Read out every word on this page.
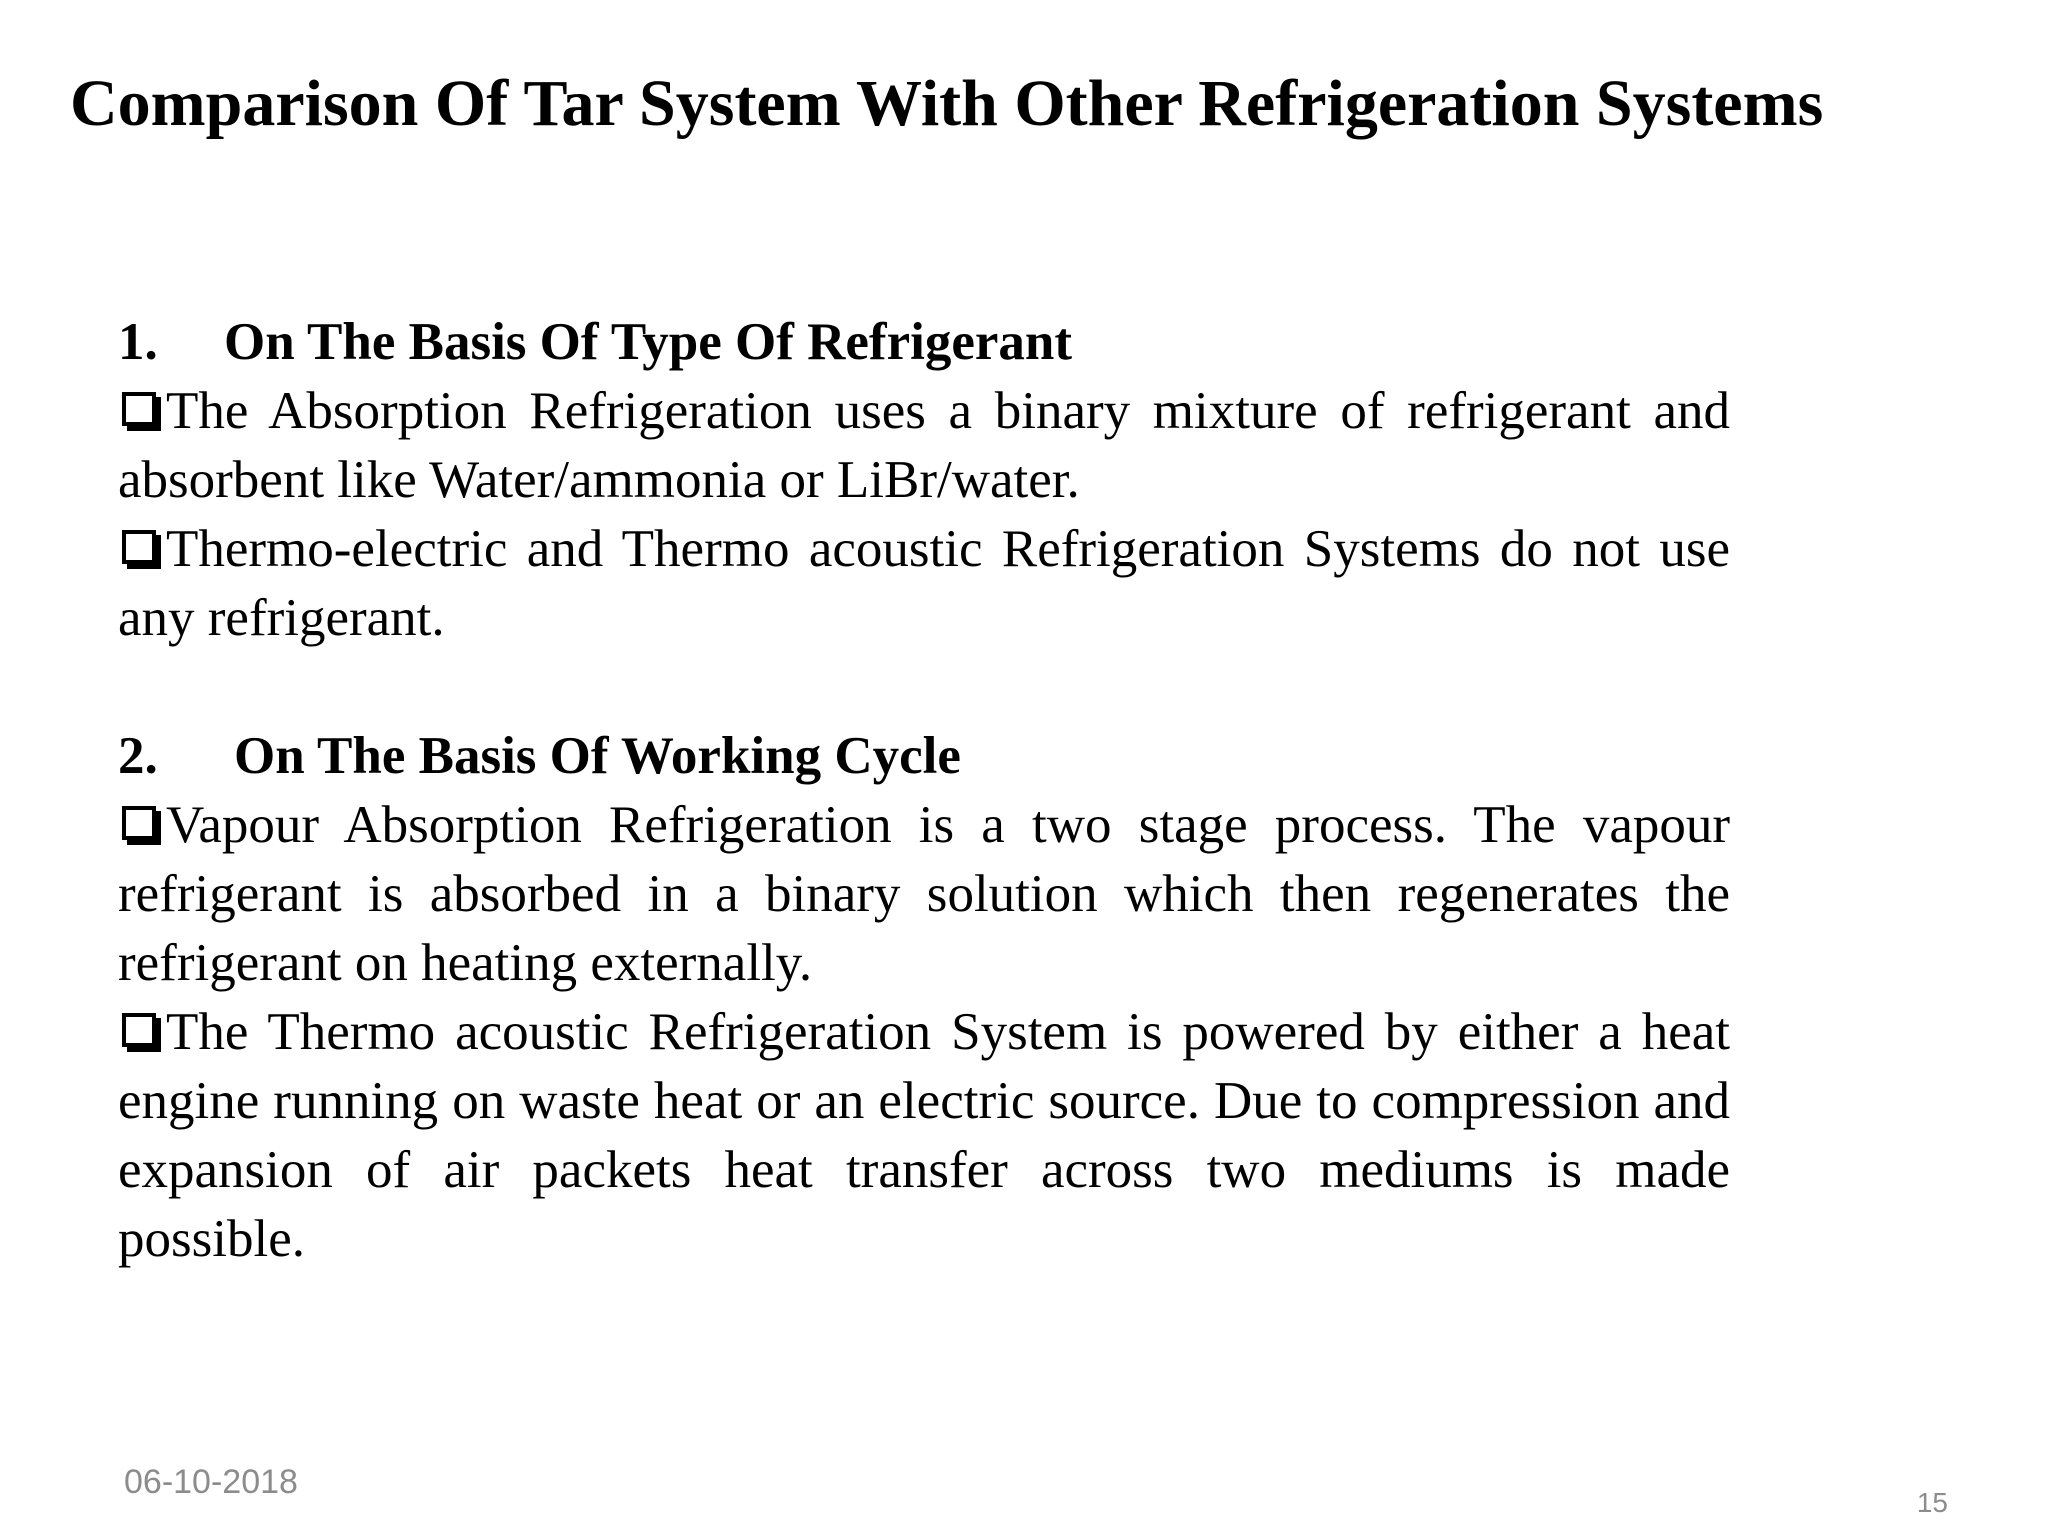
Comparison Of Tar System With Other Refrigeration Systems

1. On The Basis Of Type Of Refrigerant

The Absorption Refrigeration uses a binary mixture of refrigerant and absorbent like Water/ammonia or LiBr/water.

Thermo-electric and Thermo acoustic Refrigeration Systems do not use any refrigerant.

2. On The Basis Of Working Cycle

Vapour Absorption Refrigeration is a two stage process. The vapour refrigerant is absorbed in a binary solution which then regenerates the refrigerant on heating externally.

The Thermo acoustic Refrigeration System is powered by either a heat engine running on waste heat or an electric source. Due to compression and expansion of air packets heat transfer across two mediums is made possible.

06-10-2018
15
